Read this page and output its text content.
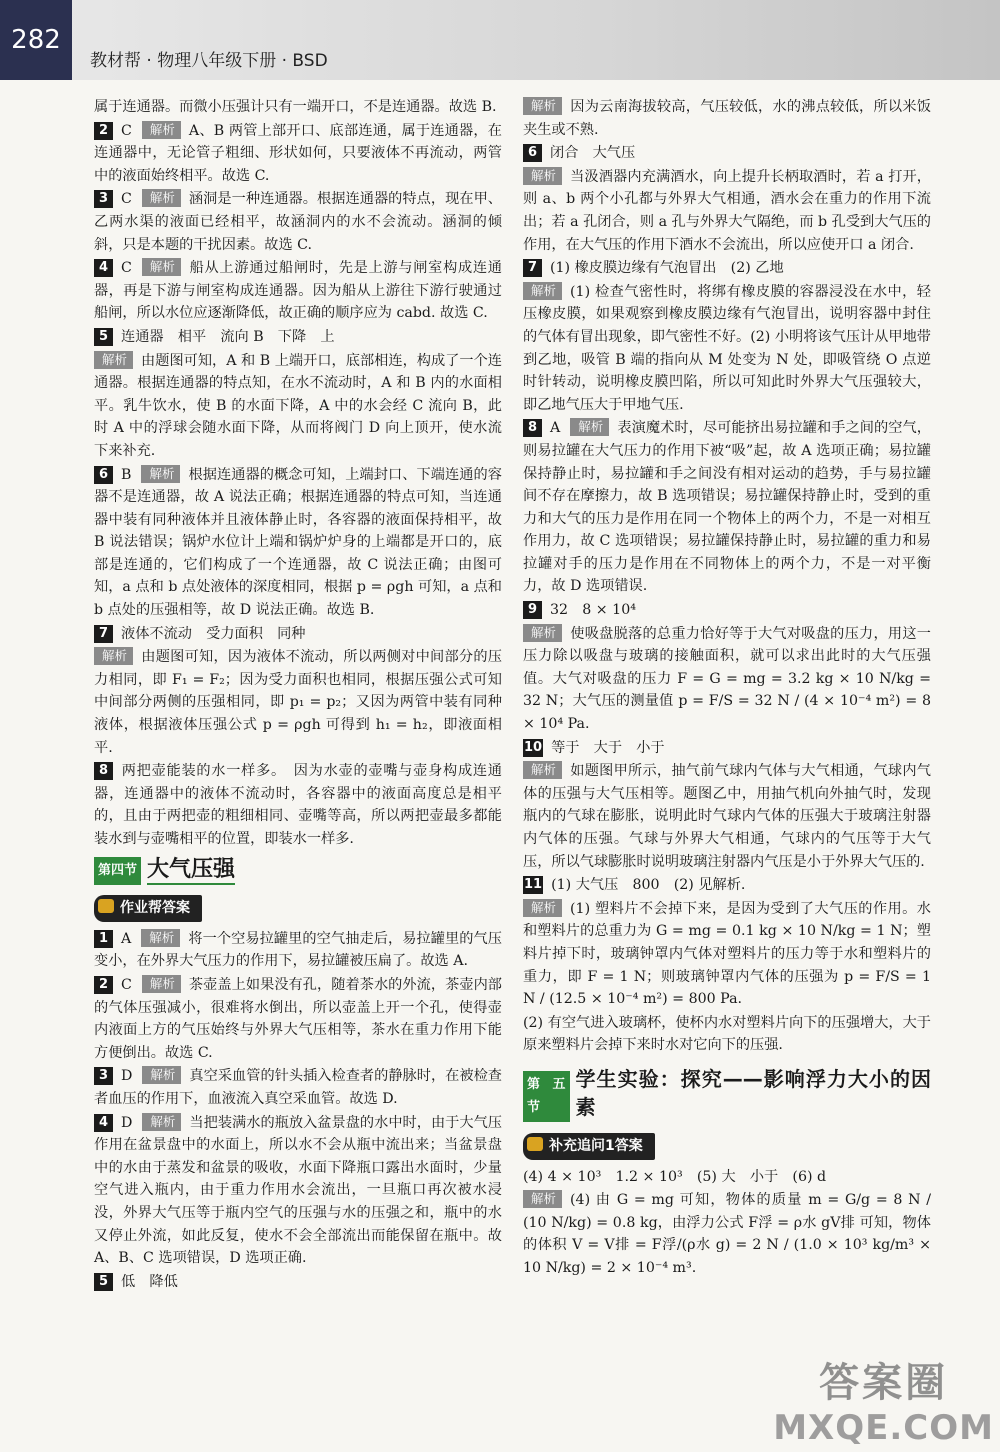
282
教材帮 · 物理八年级下册 · BSD

属于连通器。而微小压强计只有一端开口，不是连通器。故选 B.

2 C 解析 A、B 两管上部开口、底部连通，属于连通器，在连通器中，无论管子粗细、形状如何，只要液体不再流动，两管中的液面始终相平。故选 C.

3 C 解析 涵洞是一种连通器。根据连通器的特点，现在甲、乙两水渠的液面已经相平，故涵洞内的水不会流动。涵洞的倾斜，只是本题的干扰因素。故选 C.

4 C 解析 船从上游通过船闸时，先是上游与闸室构成连通器，再是下游与闸室构成连通器。因为船从上游往下游行驶通过船闸，所以水位应逐渐降低，故正确的顺序应为 cabd. 故选 C.

5 连通器　相平　流向 B　下降　上

解析 由题图可知，A 和 B 上端开口，底部相连，构成了一个连通器。根据连通器的特点知，在水不流动时，A 和 B 内的水面相平。乳牛饮水，使 B 的水面下降，A 中的水会经 C 流向 B，此时 A 中的浮球会随水面下降，从而将阀门 D 向上顶开，使水流下来补充.

6 B 解析 根据连通器的概念可知，上端封口、下端连通的容器不是连通器，故 A 说法正确；根据连通器的特点可知，当连通器中装有同种液体并且液体静止时，各容器的液面保持相平，故 B 说法错误；锅炉水位计上端和锅炉炉身的上端都是开口的，底部是连通的，它们构成了一个连通器，故 C 说法正确；由图可知，a 点和 b 点处液体的深度相同，根据 p = ρgh 可知，a 点和 b 点处的压强相等，故 D 说法正确。故选 B.

7 液体不流动　受力面积　同种

解析 由题图可知，因为液体不流动，所以两侧对中间部分的压力相同，即 F₁ = F₂；因为受力面积也相同，根据压强公式可知中间部分两侧的压强相同，即 p₁ = p₂；又因为两管中装有同种液体，根据液体压强公式 p = ρgh 可得到 h₁ = h₂，即液面相平.

8 两把壶能装的水一样多。　因为水壶的壶嘴与壶身构成连通器，连通器中的液体不流动时，各容器中的液面高度总是相平的，且由于两把壶的粗细相同、壶嘴等高，所以两把壶最多都能装水到与壶嘴相平的位置，即装水一样多.

第四节 大气压强
作业帮答案

1 A 解析 将一个空易拉罐里的空气抽走后，易拉罐里的气压变小，在外界大气压力的作用下，易拉罐被压扁了。故选 A.

2 C 解析 茶壶盖上如果没有孔，随着茶水的外流，茶壶内部的气体压强减小，很难将水倒出，所以壶盖上开一个孔，使得壶内液面上方的气压始终与外界大气压相等，茶水在重力作用下能方便倒出。故选 C.

3 D 解析 真空采血管的针头插入检查者的静脉时，在被检查者血压的作用下，血液流入真空采血管。故选 D.

4 D 解析 当把装满水的瓶放入盆景盘的水中时，由于大气压作用在盆景盘中的水面上，所以水不会从瓶中流出来；当盆景盘中的水由于蒸发和盆景的吸收，水面下降瓶口露出水面时，少量空气进入瓶内，由于重力作用水会流出，一旦瓶口再次被水浸没，外界大气压等于瓶内空气的压强与水的压强之和，瓶中的水又停止外流，如此反复，使水不会全部流出而能保留在瓶中。故 A、B、C 选项错误，D 选项正确.

5 低　降低

解析 因为云南海拔较高，气压较低，水的沸点较低，所以米饭夹生或不熟.

6 闭合　大气压

解析 当汲酒器内充满酒水，向上提升长柄取酒时，若 a 打开，则 a、b 两个小孔都与外界大气相通，酒水会在重力的作用下流出；若 a 孔闭合，则 a 孔与外界大气隔绝，而 b 孔受到大气压的作用，在大气压的作用下酒水不会流出，所以应使开口 a 闭合.

7 (1) 橡皮膜边缘有气泡冒出　(2) 乙地

解析 (1) 检查气密性时，将绑有橡皮膜的容器浸没在水中，轻压橡皮膜，如果观察到橡皮膜边缘有气泡冒出，说明容器中封住的气体有冒出现象，即气密性不好。(2) 小明将该气压计从甲地带到乙地，吸管 B 端的指向从 M 处变为 N 处，即吸管绕 O 点逆时针转动，说明橡皮膜凹陷，所以可知此时外界大气压强较大，即乙地气压大于甲地气压.

8 A 解析 表演魔术时，尽可能挤出易拉罐和手之间的空气，则易拉罐在大气压力的作用下被“吸”起，故 A 选项正确；易拉罐保持静止时，易拉罐和手之间没有相对运动的趋势，手与易拉罐间不存在摩擦力，故 B 选项错误；易拉罐保持静止时，受到的重力和大气的压力是作用在同一个物体上的两个力，不是一对相互作用力，故 C 选项错误；易拉罐保持静止时，易拉罐的重力和易拉罐对手的压力是作用在不同物体上的两个力，不是一对平衡力，故 D 选项错误.

9 32　8 × 10⁴

解析 使吸盘脱落的总重力恰好等于大气对吸盘的压力，用这一压力除以吸盘与玻璃的接触面积，就可以求出此时的大气压强值。大气对吸盘的压力 F = G = mg = 3.2 kg × 10 N/kg = 32 N；大气压的测量值 p = F/S = 32 N / (4 × 10⁻⁴ m²) = 8 × 10⁴ Pa.

10 等于　大于　小于

解析 如题图甲所示，抽气前气球内气体与大气相通，气球内气体的压强与大气压相等。题图乙中，用抽气机向外抽气时，发现瓶内的气球在膨胀，说明此时气球内气体的压强大于玻璃注射器内气体的压强。气球与外界大气相通，气球内的气压等于大气压，所以气球膨胀时说明玻璃注射器内气压是小于外界大气压的.

11 (1) 大气压　800　(2) 见解析.

解析 (1) 塑料片不会掉下来，是因为受到了大气压的作用。水和塑料片的总重力为 G = mg = 0.1 kg × 10 N/kg = 1 N；塑料片掉下时，玻璃钟罩内气体对塑料片的压力等于水和塑料片的重力，即 F = 1 N；则玻璃钟罩内气体的压强为 p = F/S = 1 N / (12.5 × 10⁻⁴ m²) = 800 Pa.

(2) 有空气进入玻璃杯，使杯内水对塑料片向下的压强增大，大于原来塑料片会掉下来时水对它向下的压强.

第五节
学生实验：探究——影响浮力大小的因素
补充追问1答案

(4) 4 × 10³　1.2 × 10³　(5) 大　小于　(6) d

解析 (4) 由 G = mg 可知，物体的质量 m = G/g = 8 N / (10 N/kg) = 0.8 kg，由浮力公式 F浮 = ρ水 gV排 可知，物体的体积 V = V排 = F浮/(ρ水 g) = 2 N / (1.0 × 10³ kg/m³ × 10 N/kg) = 2 × 10⁻⁴ m³.

答案圈
MXQE.COM
